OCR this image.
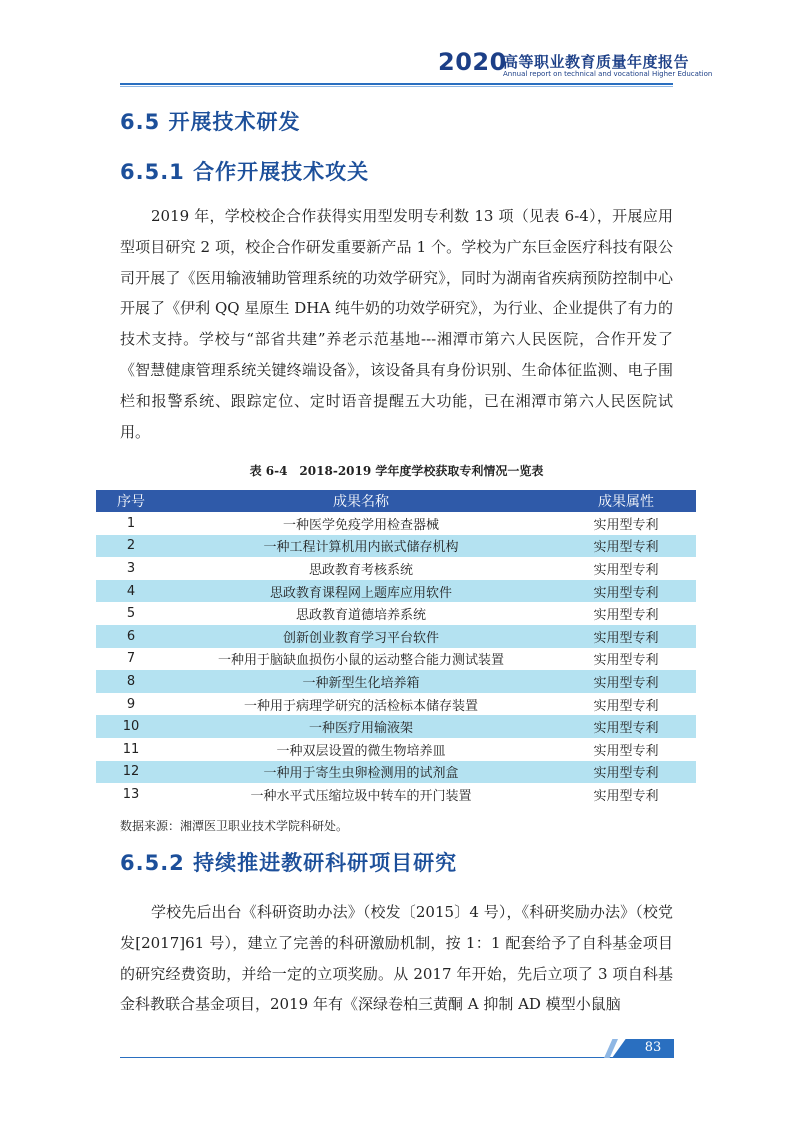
2020
高等职业教育质量年度报告
Annual report on technical and vocational Higher Education
6.5 开展技术研发
6.5.1 合作开展技术攻关
2019 年，学校校企合作获得实用型发明专利数 13 项（见表 6-4），开展应用型项目研究 2 项，校企合作研发重要新产品 1 个。学校为广东巨金医疗科技有限公司开展了《医用输液辅助管理系统的功效学研究》，同时为湖南省疾病预防控制中心开展了《伊利 QQ 星原生 DHA 纯牛奶的功效学研究》，为行业、企业提供了有力的技术支持。学校与“部省共建”养老示范基地---湘潭市第六人民医院，合作开发了《智慧健康管理系统关键终端设备》，该设备具有身份识别、生命体征监测、电子围栏和报警系统、跟踪定位、定时语音提醒五大功能，已在湘潭市第六人民医院试用。
表 6-4　2018-2019 学年度学校获取专利情况一览表
序号	成果名称	成果属性
1	一种医学免疫学用检查器械	实用型专利
2	一种工程计算机用内嵌式储存机构	实用型专利
3	思政教育考核系统	实用型专利
4	思政教育课程网上题库应用软件	实用型专利
5	思政教育道德培养系统	实用型专利
6	创新创业教育学习平台软件	实用型专利
7	一种用于脑缺血损伤小鼠的运动整合能力测试装置	实用型专利
8	一种新型生化培养箱	实用型专利
9	一种用于病理学研究的活检标本储存装置	实用型专利
10	一种医疗用输液架	实用型专利
11	一种双层设置的微生物培养皿	实用型专利
12	一种用于寄生虫卵检测用的试剂盒	实用型专利
13	一种水平式压缩垃圾中转车的开门装置	实用型专利
数据来源：湘潭医卫职业技术学院科研处。
6.5.2 持续推进教研科研项目研究
学校先后出台《科研资助办法》（校发〔2015〕4 号），《科研奖励办法》（校党发[2017]61 号），建立了完善的科研激励机制，按 1：1 配套给予了自科基金项目的研究经费资助，并给一定的立项奖励。从 2017 年开始，先后立项了 3 项自科基金科教联合基金项目，2019 年有《深绿卷柏三黄酮 A 抑制 AD 模型小鼠脑
83
